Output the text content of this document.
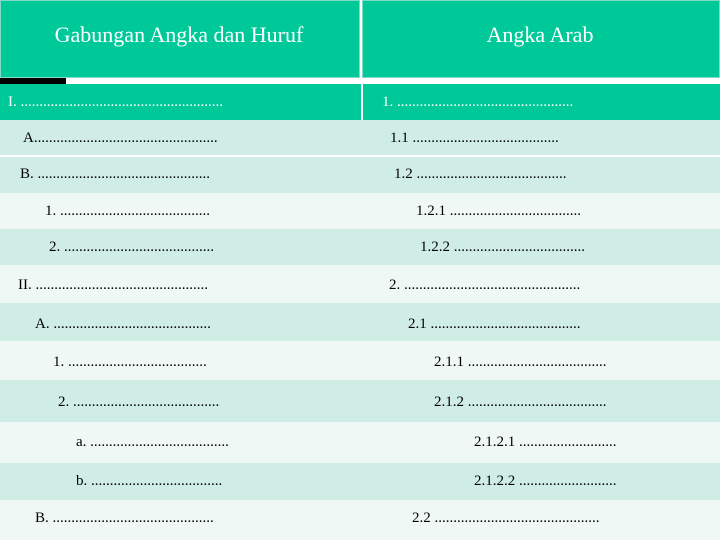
Gabungan Angka dan Huruf	Angka Arab
I. ......................................................	1. ...............................................
A.................................................	1.1 .......................................
B. ..............................................	1.2 ........................................
1. ........................................	1.2.1 ...................................
2. ........................................	1.2.2 ...................................
II. ..............................................	2. ...............................................
A. ..........................................	2.1 ........................................
1. .....................................	2.1.1 .....................................
2. .......................................	2.1.2 .....................................
a. .....................................	2.1.2.1 ..........................
b. ...................................	2.1.2.2 ..........................
B. ...........................................	2.2 ............................................
